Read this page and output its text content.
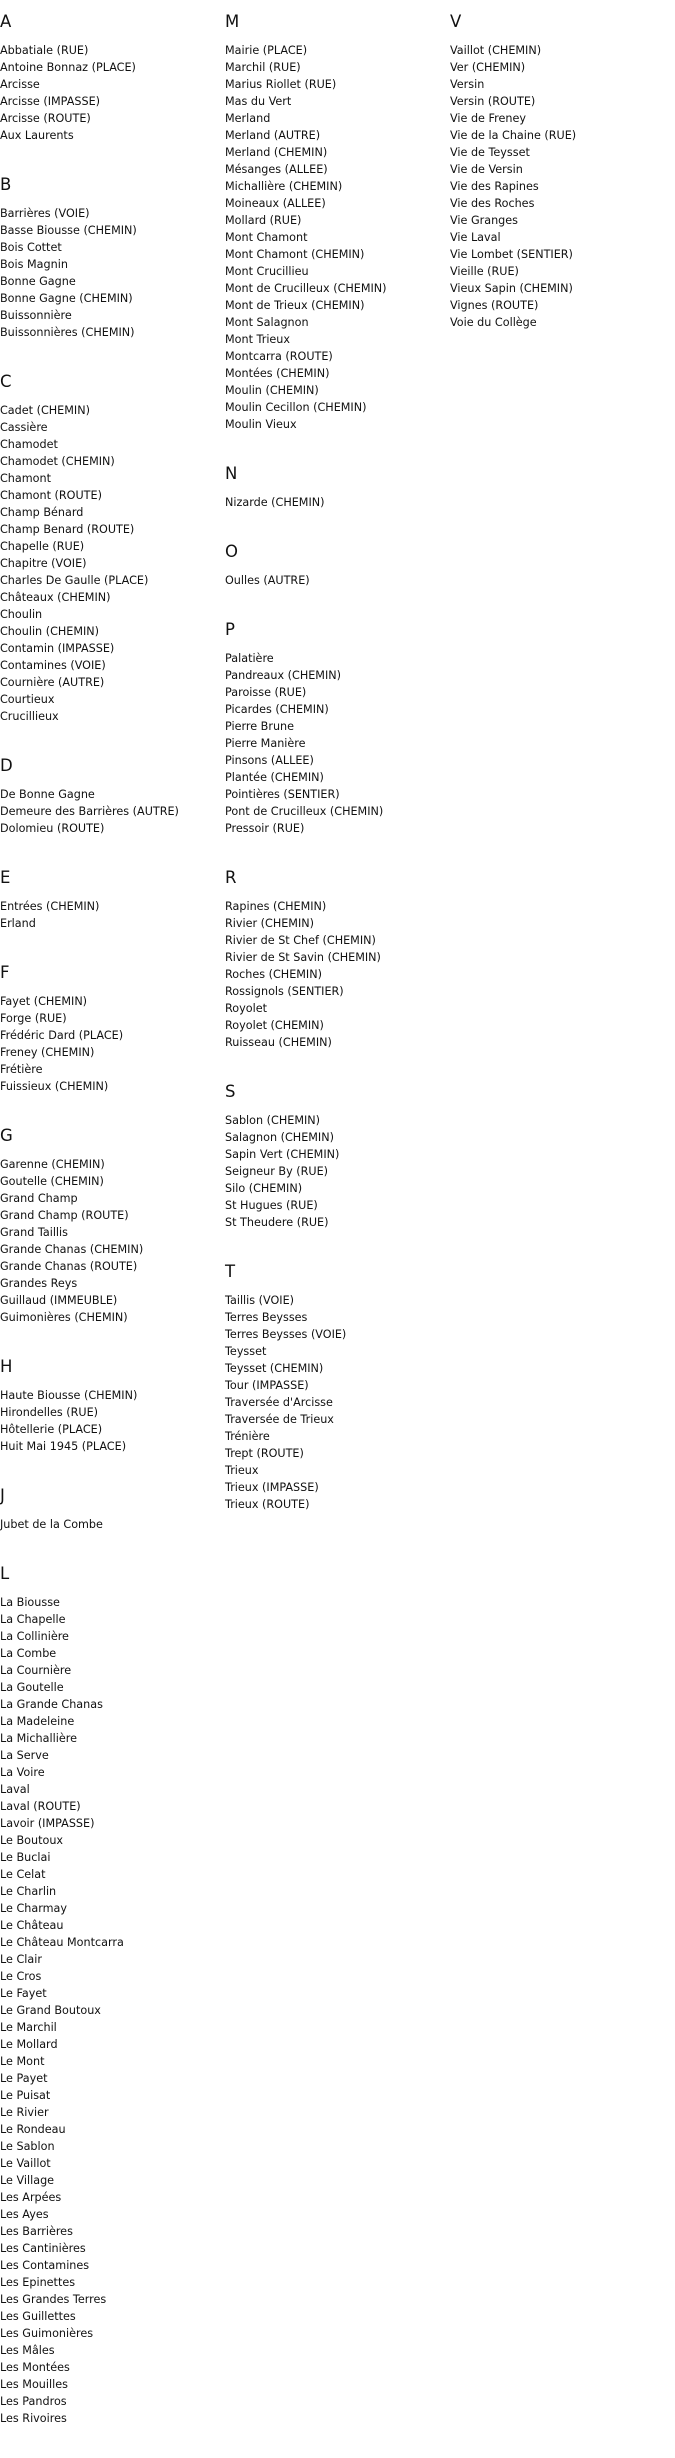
A
Abbatiale (RUE)
Antoine Bonnaz (PLACE)
Arcisse
Arcisse (IMPASSE)
Arcisse (ROUTE)
Aux Laurents
B
Barrières (VOIE)
Basse Biousse (CHEMIN)
Bois Cottet
Bois Magnin
Bonne Gagne
Bonne Gagne (CHEMIN)
Buissonnière
Buissonnières (CHEMIN)
C
Cadet (CHEMIN)
Cassière
Chamodet
Chamodet (CHEMIN)
Chamont
Chamont (ROUTE)
Champ Bénard
Champ Benard (ROUTE)
Chapelle (RUE)
Chapitre (VOIE)
Charles De Gaulle (PLACE)
Châteaux (CHEMIN)
Choulin
Choulin (CHEMIN)
Contamin (IMPASSE)
Contamines (VOIE)
Cournière (AUTRE)
Courtieux
Crucillieux
D
De Bonne Gagne
Demeure des Barrières (AUTRE)
Dolomieu (ROUTE)
E
Entrées (CHEMIN)
Erland
F
Fayet (CHEMIN)
Forge (RUE)
Frédéric Dard (PLACE)
Freney (CHEMIN)
Frétière
Fuissieux (CHEMIN)
G
Garenne (CHEMIN)
Goutelle (CHEMIN)
Grand Champ
Grand Champ (ROUTE)
Grand Taillis
Grande Chanas (CHEMIN)
Grande Chanas (ROUTE)
Grandes Reys
Guillaud (IMMEUBLE)
Guimonières (CHEMIN)
H
Haute Biousse (CHEMIN)
Hirondelles (RUE)
Hôtellerie (PLACE)
Huit Mai 1945 (PLACE)
J
Jubet de la Combe
L
La Biousse
La Chapelle
La Collinière
La Combe
La Cournière
La Goutelle
La Grande Chanas
La Madeleine
La Michallière
La Serve
La Voire
Laval
Laval (ROUTE)
Lavoir (IMPASSE)
Le Boutoux
Le Buclai
Le Celat
Le Charlin
Le Charmay
Le Château
Le Château Montcarra
Le Clair
Le Cros
Le Fayet
Le Grand Boutoux
Le Marchil
Le Mollard
Le Mont
Le Payet
Le Puisat
Le Rivier
Le Rondeau
Le Sablon
Le Vaillot
Le Village
Les Arpées
Les Ayes
Les Barrières
Les Cantinières
Les Contamines
Les Epinettes
Les Grandes Terres
Les Guillettes
Les Guimonières
Les Mâles
Les Montées
Les Mouilles
Les Pandros
Les Rivoires
M
Mairie (PLACE)
Marchil (RUE)
Marius Riollet (RUE)
Mas du Vert
Merland
Merland (AUTRE)
Merland (CHEMIN)
Mésanges (ALLEE)
Michallière (CHEMIN)
Moineaux (ALLEE)
Mollard (RUE)
Mont Chamont
Mont Chamont (CHEMIN)
Mont Crucillieu
Mont de Crucilleux (CHEMIN)
Mont de Trieux (CHEMIN)
Mont Salagnon
Mont Trieux
Montcarra (ROUTE)
Montées (CHEMIN)
Moulin (CHEMIN)
Moulin Cecillon (CHEMIN)
Moulin Vieux
N
Nizarde (CHEMIN)
O
Oulles (AUTRE)
P
Palatière
Pandreaux (CHEMIN)
Paroisse (RUE)
Picardes (CHEMIN)
Pierre Brune
Pierre Manière
Pinsons (ALLEE)
Plantée (CHEMIN)
Pointières (SENTIER)
Pont de Crucilleux (CHEMIN)
Pressoir (RUE)
R
Rapines (CHEMIN)
Rivier (CHEMIN)
Rivier de St Chef (CHEMIN)
Rivier de St Savin (CHEMIN)
Roches (CHEMIN)
Rossignols (SENTIER)
Royolet
Royolet (CHEMIN)
Ruisseau (CHEMIN)
S
Sablon (CHEMIN)
Salagnon (CHEMIN)
Sapin Vert (CHEMIN)
Seigneur By (RUE)
Silo (CHEMIN)
St Hugues (RUE)
St Theudere (RUE)
T
Taillis (VOIE)
Terres Beysses
Terres Beysses (VOIE)
Teysset
Teysset (CHEMIN)
Tour (IMPASSE)
Traversée d'Arcisse
Traversée de Trieux
Trénière
Trept (ROUTE)
Trieux
Trieux (IMPASSE)
Trieux (ROUTE)
V
Vaillot (CHEMIN)
Ver (CHEMIN)
Versin
Versin (ROUTE)
Vie de Freney
Vie de la Chaine (RUE)
Vie de Teysset
Vie de Versin
Vie des Rapines
Vie des Roches
Vie Granges
Vie Laval
Vie Lombet (SENTIER)
Vieille (RUE)
Vieux Sapin (CHEMIN)
Vignes (ROUTE)
Voie du Collège
